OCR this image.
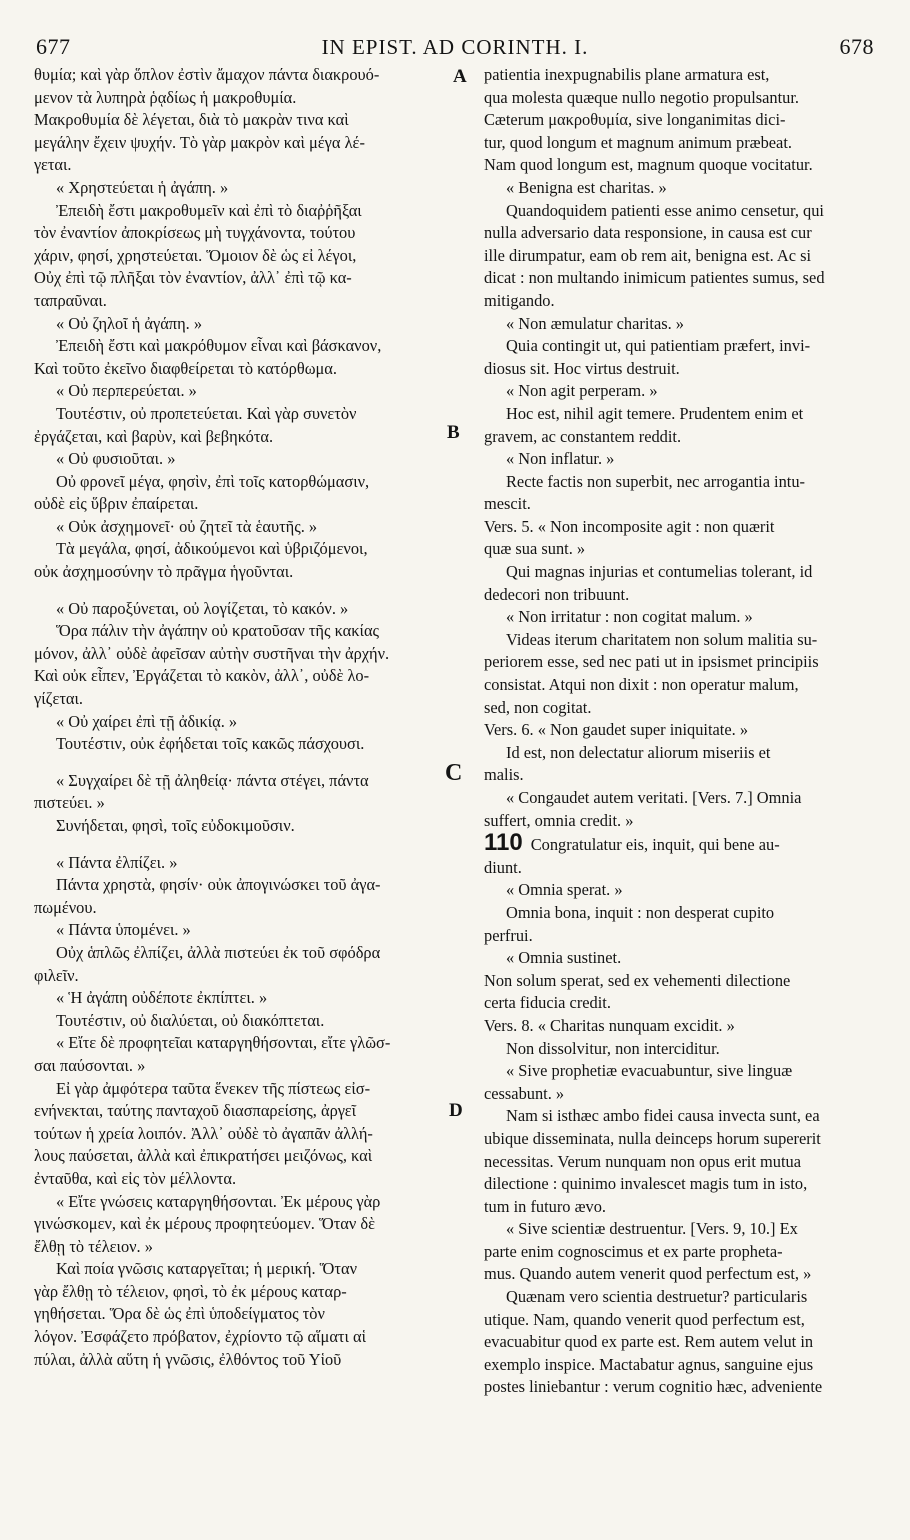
677	IN EPIST. AD CORINTH. I.	678
A
B
C
D

θυμία; καὶ γὰρ ὅπλον ἐστὶν ἄμαχον πάντα διακρουό-

μενον τὰ λυπηρὰ ῥᾳδίως ἡ μακροθυμία.

Μακροθυμία δὲ λέγεται, διὰ τὸ μακρὰν τινα καὶ

μεγάλην ἔχειν ψυχήν. Τὸ γὰρ μακρὸν καὶ μέγα λέ-

γεται.

« Χρηστεύεται ἡ ἀγάπη. »

Ἐπειδὴ ἔστι μακροθυμεῖν καὶ ἐπὶ τὸ διαῤῥῆξαι

τὸν ἐναντίον ἀποκρίσεως μὴ τυγχάνοντα, τούτου

χάριν, φησί, χρηστεύεται. Ὅμοιον δὲ ὡς εἰ λέγοι,

Οὐχ ἐπὶ τῷ πλῆξαι τὸν ἐναντίον, ἀλλ᾽ ἐπὶ τῷ κα-

ταπραῦναι.

« Οὐ ζηλοῖ ἡ ἀγάπη. »

Ἐπειδὴ ἔστι καὶ μακρόθυμον εἶναι καὶ βάσκανον,

Καὶ τοῦτο ἐκεῖνο διαφθείρεται τὸ κατόρθωμα.

« Οὐ περπερεύεται. »

Τουτέστιν, οὐ προπετεύεται. Καὶ γὰρ συνετὸν

ἐργάζεται, καὶ βαρὺν, καὶ βεβηκότα.

« Οὐ φυσιοῦται. »

Οὐ φρονεῖ μέγα, φησὶν, ἐπὶ τοῖς κατορθώμασιν,

οὐδὲ εἰς ὕβριν ἐπαίρεται.

« Οὐκ ἀσχημονεῖ· οὐ ζητεῖ τὰ ἑαυτῆς. »

Τὰ μεγάλα, φησί, ἀδικούμενοι καὶ ὑβριζόμενοι,

οὐκ ἀσχημοσύνην τὸ πρᾶγμα ἡγοῦνται.

« Οὐ παροξύνεται, οὐ λογίζεται, τὸ κακόν. »

Ὅρα πάλιν τὴν ἀγάπην οὐ κρατοῦσαν τῆς κακίας

μόνον, ἀλλ᾽ οὐδὲ ἀφεῖσαν αὐτὴν συστῆναι τὴν ἀρχήν.

Καὶ οὐκ εἶπεν, Ἐργάζεται τὸ κακὸν, ἀλλ᾽, οὐδὲ λο-

γίζεται.

« Οὐ χαίρει ἐπὶ τῇ ἀδικίᾳ. »

Τουτέστιν, οὐκ ἐφήδεται τοῖς κακῶς πάσχουσι.

« Συγχαίρει δὲ τῇ ἀληθείᾳ· πάντα στέγει, πάντα

πιστεύει. »

Συνήδεται, φησὶ, τοῖς εὐδοκιμοῦσιν.

« Πάντα ἐλπίζει. »

Πάντα χρηστὰ, φησίν· οὐκ ἀπογινώσκει τοῦ ἀγα-

πωμένου.

« Πάντα ὑπομένει. »

Οὐχ ἁπλῶς ἐλπίζει, ἀλλὰ πιστεύει ἐκ τοῦ σφόδρα

φιλεῖν.

« Ἡ ἀγάπη οὐδέποτε ἐκπίπτει. »

Τουτέστιν, οὐ διαλύεται, οὐ διακόπτεται.

« Εἴτε δὲ προφητεῖαι καταργηθήσονται, εἴτε γλῶσ-

σαι παύσονται. »

Εἰ γὰρ ἀμφότερα ταῦτα ἕνεκεν τῆς πίστεως εἰσ-

ενήνεκται, ταύτης πανταχοῦ διασπαρείσης, ἀργεῖ

τούτων ἡ χρεία λοιπόν. Ἀλλ᾽ οὐδὲ τὸ ἀγαπᾶν ἀλλή-

λους παύσεται, ἀλλὰ καὶ ἐπικρατήσει μειζόνως, καὶ

ἐνταῦθα, καὶ εἰς τὸν μέλλοντα.

« Εἴτε γνώσεις καταργηθήσονται. Ἐκ μέρους γὰρ

γινώσκομεν, καὶ ἐκ μέρους προφητεύομεν. Ὅταν δὲ

ἔλθῃ τὸ τέλειον. »

Καὶ ποία γνῶσις καταργεῖται; ἡ μερική. Ὅταν

γὰρ ἔλθῃ τὸ τέλειον, φησὶ, τὸ ἐκ μέρους καταρ-

γηθήσεται. Ὅρα δὲ ὡς ἐπὶ ὑποδείγματος τὸν

λόγον. Ἐσφάζετο πρόβατον, ἐχρίοντο τῷ αἵματι αἱ

πύλαι, ἀλλὰ αὕτη ἡ γνῶσις, ἐλθόντος τοῦ Υἱοῦ

patientia inexpugnabilis plane armatura est,

qua molesta quæque nullo negotio propulsantur.

Cæterum μακροθυμία, sive longanimitas dici-

tur, quod longum et magnum animum præbeat.

Nam quod longum est, magnum quoque vocitatur.

« Benigna est charitas. »

Quandoquidem patienti esse animo censetur, qui

nulla adversario data responsione, in causa est cur

ille dirumpatur, eam ob rem ait, benigna est. Ac si

dicat : non multando inimicum patientes sumus, sed

mitigando.

« Non æmulatur charitas. »

Quia contingit ut, qui patientiam præfert, invi-

diosus sit. Hoc virtus destruit.

« Non agit perperam. »

Hoc est, nihil agit temere. Prudentem enim et

gravem, ac constantem reddit.

« Non inflatur. »

Recte factis non superbit, nec arrogantia intu-

mescit.

Vers. 5. « Non incomposite agit : non quærit

quæ sua sunt. »

Qui magnas injurias et contumelias tolerant, id

dedecori non tribuunt.

« Non irritatur : non cogitat malum. »

Videas iterum charitatem non solum malitia su-

periorem esse, sed nec pati ut in ipsismet principiis

consistat. Atqui non dixit : non operatur malum,

sed, non cogitat.

Vers. 6. « Non gaudet super iniquitate. »

Id est, non delectatur aliorum miseriis et

malis.

« Congaudet autem veritati. [Vers. 7.] Omnia

suffert, omnia credit. »

110 Congratulatur eis, inquit, qui bene au-

diunt.

« Omnia sperat. »

Omnia bona, inquit : non desperat cupito

perfrui.

« Omnia sustinet.

Non solum sperat, sed ex vehementi dilectione

certa fiducia credit.

Vers. 8. « Charitas nunquam excidit. »

Non dissolvitur, non interciditur.

« Sive prophetiæ evacuabuntur, sive linguæ

cessabunt. »

Nam si isthæc ambo fidei causa invecta sunt, ea

ubique disseminata, nulla deinceps horum supererit

necessitas. Verum nunquam non opus erit mutua

dilectione : quinimo invalescet magis tum in isto,

tum in futuro ævo.

« Sive scientiæ destruentur. [Vers. 9, 10.] Ex

parte enim cognoscimus et ex parte propheta-

mus. Quando autem venerit quod perfectum est, »

Quænam vero scientia destruetur? particularis

utique. Nam, quando venerit quod perfectum est,

evacuabitur quod ex parte est. Rem autem velut in

exemplo inspice. Mactabatur agnus, sanguine ejus

postes liniebantur : verum cognitio hæc, adveniente
